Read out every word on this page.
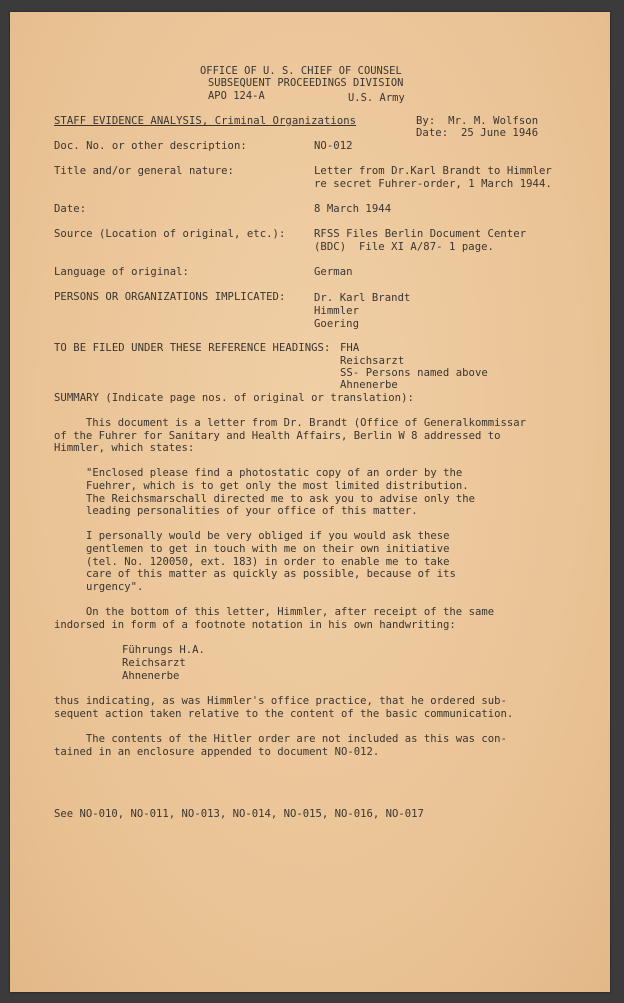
OFFICE OF U. S. CHIEF OF COUNSEL
SUBSEQUENT PROCEEDINGS DIVISION
APO 124-A	U.S. Army
STAFF EVIDENCE ANALYSIS, Criminal Organizations	By:  Mr. M. Wolfson
Date:  25 June 1946
Doc. No. or other description:	NO-012
Title and/or general nature:	Letter from Dr.Karl Brandt to Himmler
re secret Fuhrer-order, 1 March 1944.
Date:	8 March 1944
Source (Location of original, etc.):	RFSS Files Berlin Document Center
(BDC)  File XI A/87- 1 page.
Language of original:	German
PERSONS OR ORGANIZATIONS IMPLICATED:	Dr. Karl Brandt
Himmler
Goering
TO BE FILED UNDER THESE REFERENCE HEADINGS: FHA
Reichsarzt
SS- Persons named above
Ahnenerbe
SUMMARY (Indicate page nos. of original or translation):
This document is a letter from Dr. Brandt (Office of Generalkommissar
of the Fuhrer for Sanitary and Health Affairs, Berlin W 8 addressed to
Himmler, which states:
"Enclosed please find a photostatic copy of an order by the
Fuehrer, which is to get only the most limited distribution.
The Reichsmarschall directed me to ask you to advise only the
leading personalities of your office of this matter.
I personally would be very obliged if you would ask these
gentlemen to get in touch with me on their own initiative
(tel. No. 120050, ext. 183) in order to enable me to take
care of this matter as quickly as possible, because of its
urgency".
On the bottom of this letter, Himmler, after receipt of the same
indorsed in form of a footnote notation in his own handwriting:
Führungs H.A.
Reichsarzt
Ahnenerbe
thus indicating, as was Himmler's office practice, that he ordered sub-
sequent action taken relative to the content of the basic communication.
The contents of the Hitler order are not included as this was con-
tained in an enclosure appended to document NO-012.
See NO-010, NO-011, NO-013, NO-014, NO-015, NO-016, NO-017
